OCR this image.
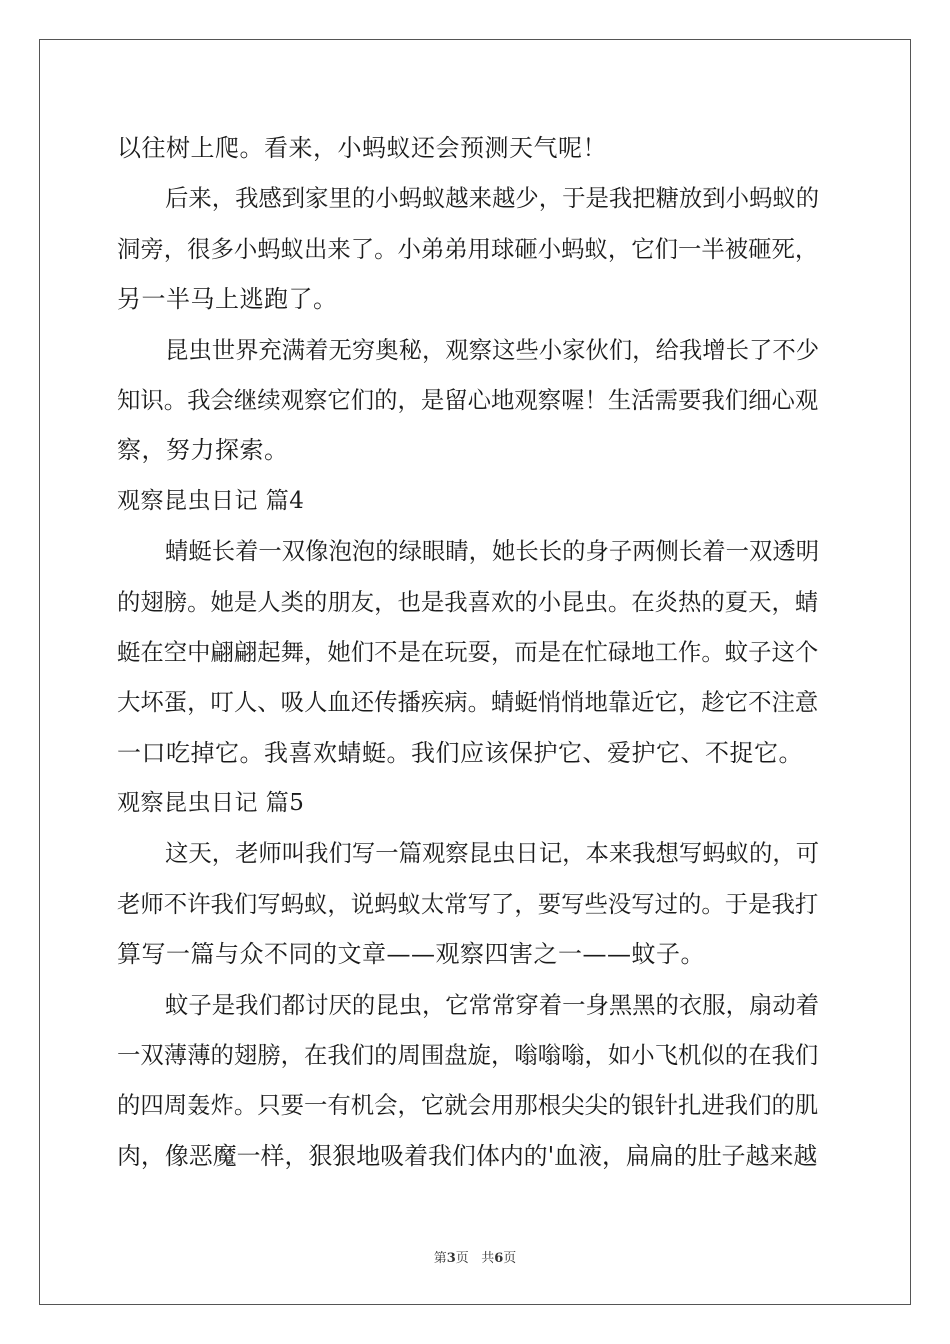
以往树上爬。看来，小蚂蚁还会预测天气呢！
后来，我感到家里的小蚂蚁越来越少，于是我把糖放到小蚂蚁的
洞旁，很多小蚂蚁出来了。小弟弟用球砸小蚂蚁，它们一半被砸死，
另一半马上逃跑了。
昆虫世界充满着无穷奥秘，观察这些小家伙们，给我增长了不少
知识。我会继续观察它们的，是留心地观察喔！生活需要我们细心观
察，努力探索。
观察昆虫日记 篇4
蜻蜓长着一双像泡泡的绿眼睛，她长长的身子两侧长着一双透明
的翅膀。她是人类的朋友，也是我喜欢的小昆虫。在炎热的夏天，蜻
蜓在空中翩翩起舞，她们不是在玩耍，而是在忙碌地工作。蚊子这个
大坏蛋，叮人、吸人血还传播疾病。蜻蜓悄悄地靠近它，趁它不注意
一口吃掉它。我喜欢蜻蜓。我们应该保护它、爱护它、不捉它。
观察昆虫日记 篇5
这天，老师叫我们写一篇观察昆虫日记，本来我想写蚂蚁的，可
老师不许我们写蚂蚁，说蚂蚁太常写了，要写些没写过的。于是我打
算写一篇与众不同的文章——观察四害之一——蚊子。
蚊子是我们都讨厌的昆虫，它常常穿着一身黑黑的衣服，扇动着
一双薄薄的翅膀，在我们的周围盘旋，嗡嗡嗡，如小飞机似的在我们
的四周轰炸。只要一有机会，它就会用那根尖尖的银针扎进我们的肌
肉，像恶魔一样，狠狠地吸着我们体内的'血液，扁扁的肚子越来越
第3页 共6页
